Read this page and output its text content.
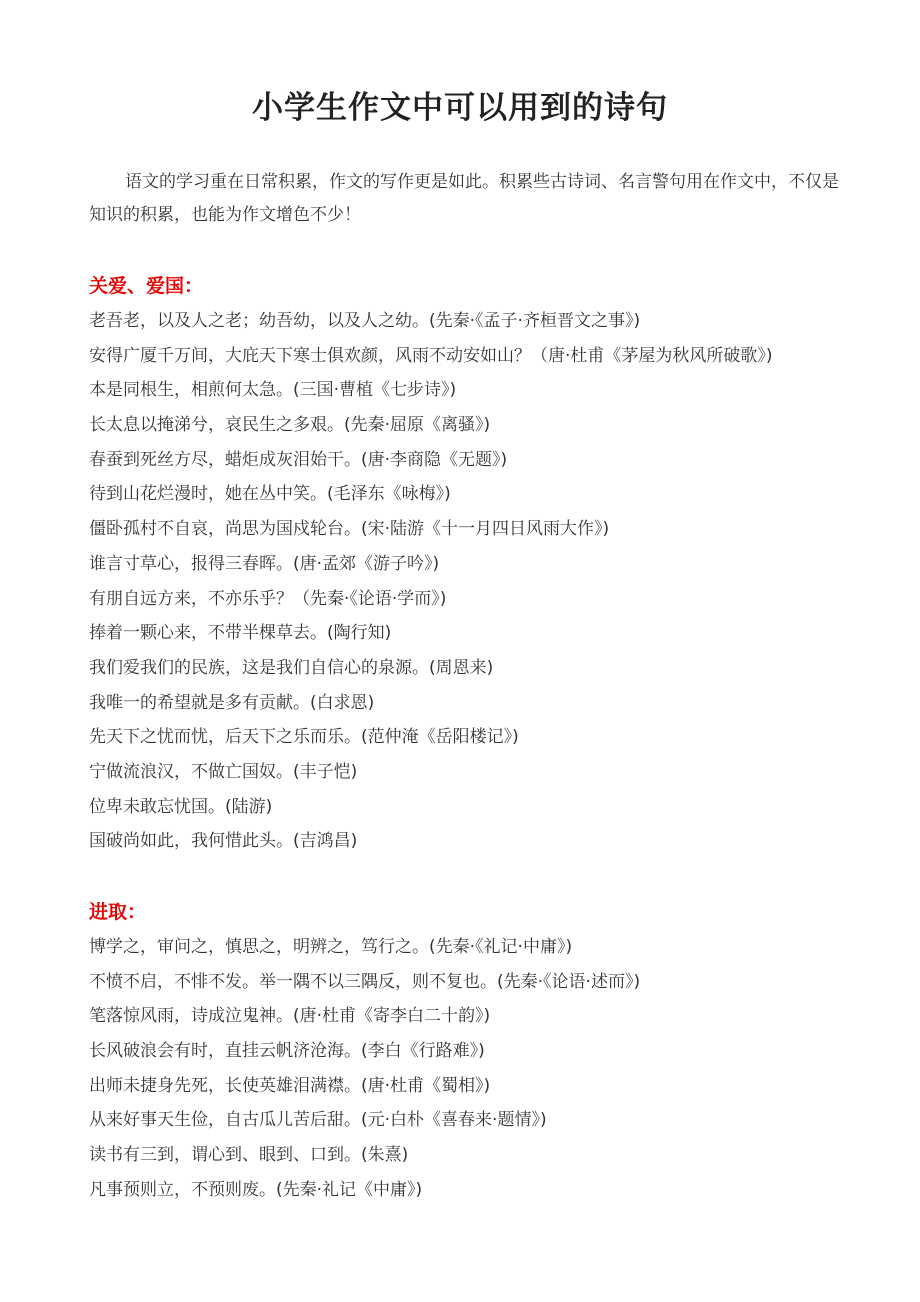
小学生作文中可以用到的诗句

语文的学习重在日常积累，作文的写作更是如此。积累些古诗词、名言警句用在作文中，不仅是知识的积累，也能为作文增色不少！

关爱、爱国：
老吾老，以及人之老；幼吾幼，以及人之幼。(先秦·《孟子·齐桓晋文之事》)
安得广厦千万间，大庇天下寒士俱欢颜，风雨不动安如山？（唐·杜甫《茅屋为秋风所破歌》)
本是同根生，相煎何太急。(三国·曹植《七步诗》)
长太息以掩涕兮，哀民生之多艰。(先秦·屈原《离骚》)
春蚕到死丝方尽，蜡炬成灰泪始干。(唐·李商隐《无题》)
待到山花烂漫时，她在丛中笑。(毛泽东《咏梅》)
僵卧孤村不自哀，尚思为国戍轮台。(宋·陆游《十一月四日风雨大作》)
谁言寸草心，报得三春晖。(唐·孟郊《游子吟》)
有朋自远方来，不亦乐乎？（先秦·《论语·学而》)
捧着一颗心来，不带半棵草去。(陶行知)
我们爱我们的民族，这是我们自信心的泉源。(周恩来)
我唯一的希望就是多有贡献。(白求恩)
先天下之忧而忧，后天下之乐而乐。(范仲淹《岳阳楼记》)
宁做流浪汉，不做亡国奴。(丰子恺)
位卑未敢忘忧国。(陆游)
国破尚如此，我何惜此头。(吉鸿昌)
进取：
博学之，审问之，慎思之，明辨之，笃行之。(先秦·《礼记·中庸》)
不愤不启，不悱不发。举一隅不以三隅反，则不复也。(先秦·《论语·述而》)
笔落惊风雨，诗成泣鬼神。(唐·杜甫《寄李白二十韵》)
长风破浪会有时，直挂云帆济沧海。(李白《行路难》)
出师未捷身先死，长使英雄泪满襟。(唐·杜甫《蜀相》)
从来好事天生俭，自古瓜儿苦后甜。(元·白朴《喜春来·题情》)
读书有三到，谓心到、眼到、口到。(朱熹)
凡事预则立，不预则废。(先秦·礼记《中庸》)
